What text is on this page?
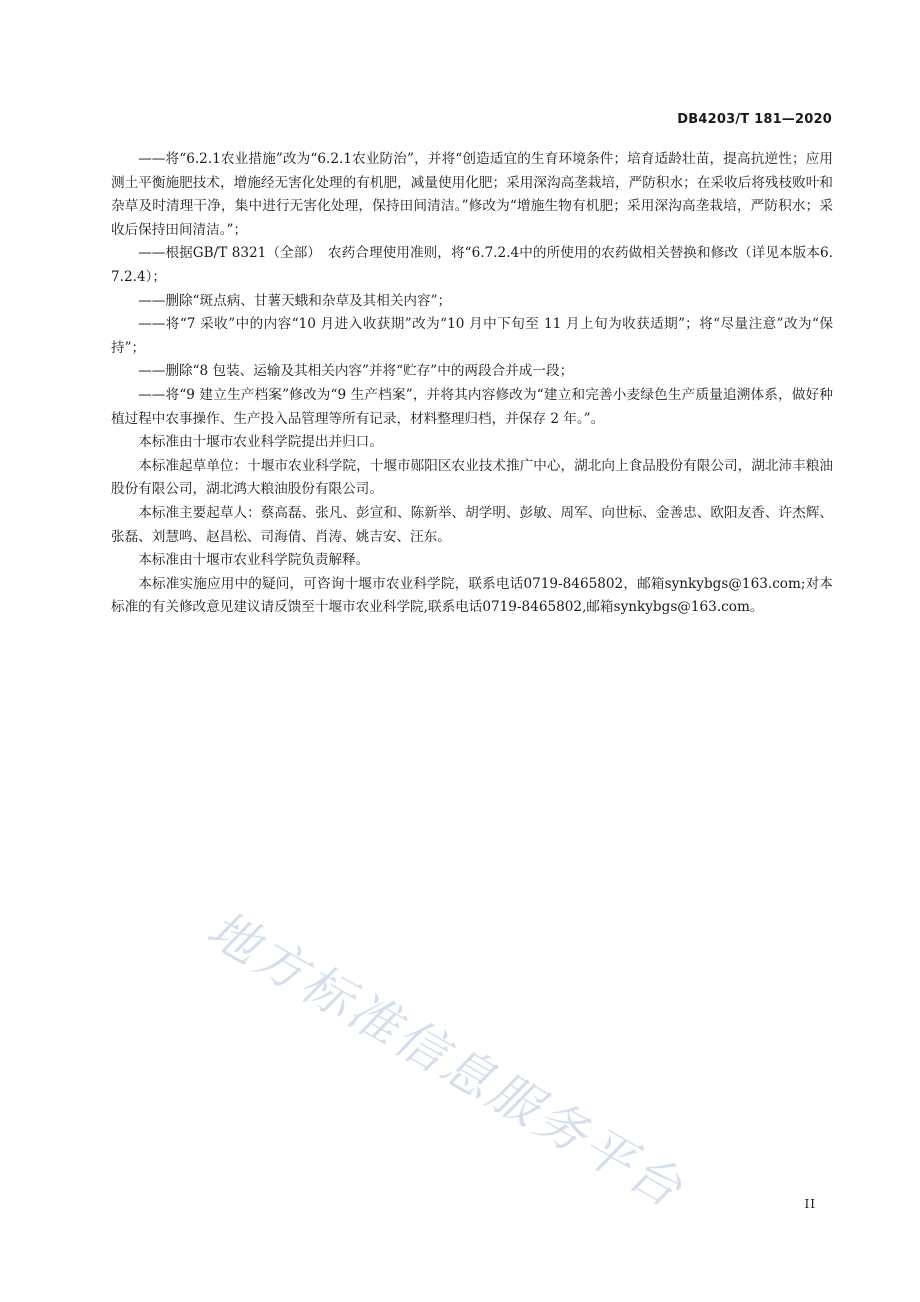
DB4203/T 181—2020

——将“6.2.1农业措施”改为“6.2.1农业防治”，并将“创造适宜的生育环境条件；培育适龄壮苗，提高抗逆性；应用测土平衡施肥技术，增施经无害化处理的有机肥，减量使用化肥；采用深沟高垄栽培，严防积水；在采收后将残枝败叶和杂草及时清理干净，集中进行无害化处理，保持田间清洁。”修改为“增施生物有机肥；采用深沟高垄栽培，严防积水；采收后保持田间清洁。”；

——根据GB/T 8321（全部）　农药合理使用准则，将“6.7.2.4中的所使用的农药做相关替换和修改（详见本版本6.7.2.4）；

——删除“斑点病、甘薯天蛾和杂草及其相关内容”；

——将“7 采收”中的内容“10 月进入收获期”改为“10 月中下旬至 11 月上旬为收获适期”；将“尽量注意”改为“保持”；

——删除“8 包装、运输及其相关内容”并将“贮存”中的两段合并成一段；

——将“9 建立生产档案”修改为“9 生产档案”，并将其内容修改为“建立和完善小麦绿色生产质量追溯体系，做好种植过程中农事操作、生产投入品管理等所有记录，材料整理归档，并保存 2 年。”。

本标准由十堰市农业科学院提出并归口。

本标准起草单位：十堰市农业科学院，十堰市郧阳区农业技术推广中心，湖北向上食品股份有限公司，湖北沛丰粮油股份有限公司，湖北鸿大粮油股份有限公司。

本标准主要起草人：蔡高磊、张凡、彭宣和、陈新举、胡学明、彭敏、周军、向世标、金善忠、欧阳友香、许杰辉、张磊、刘慧鸣、赵昌松、司海倩、肖涛、姚吉安、汪东。

本标准由十堰市农业科学院负责解释。

本标准实施应用中的疑问，可咨询十堰市农业科学院，联系电话0719-8465802，邮箱synkybgs@163.com;对本标准的有关修改意见建议请反馈至十堰市农业科学院,联系电话0719-8465802,邮箱synkybgs@163.com。

地方标准信息服务平台	II
